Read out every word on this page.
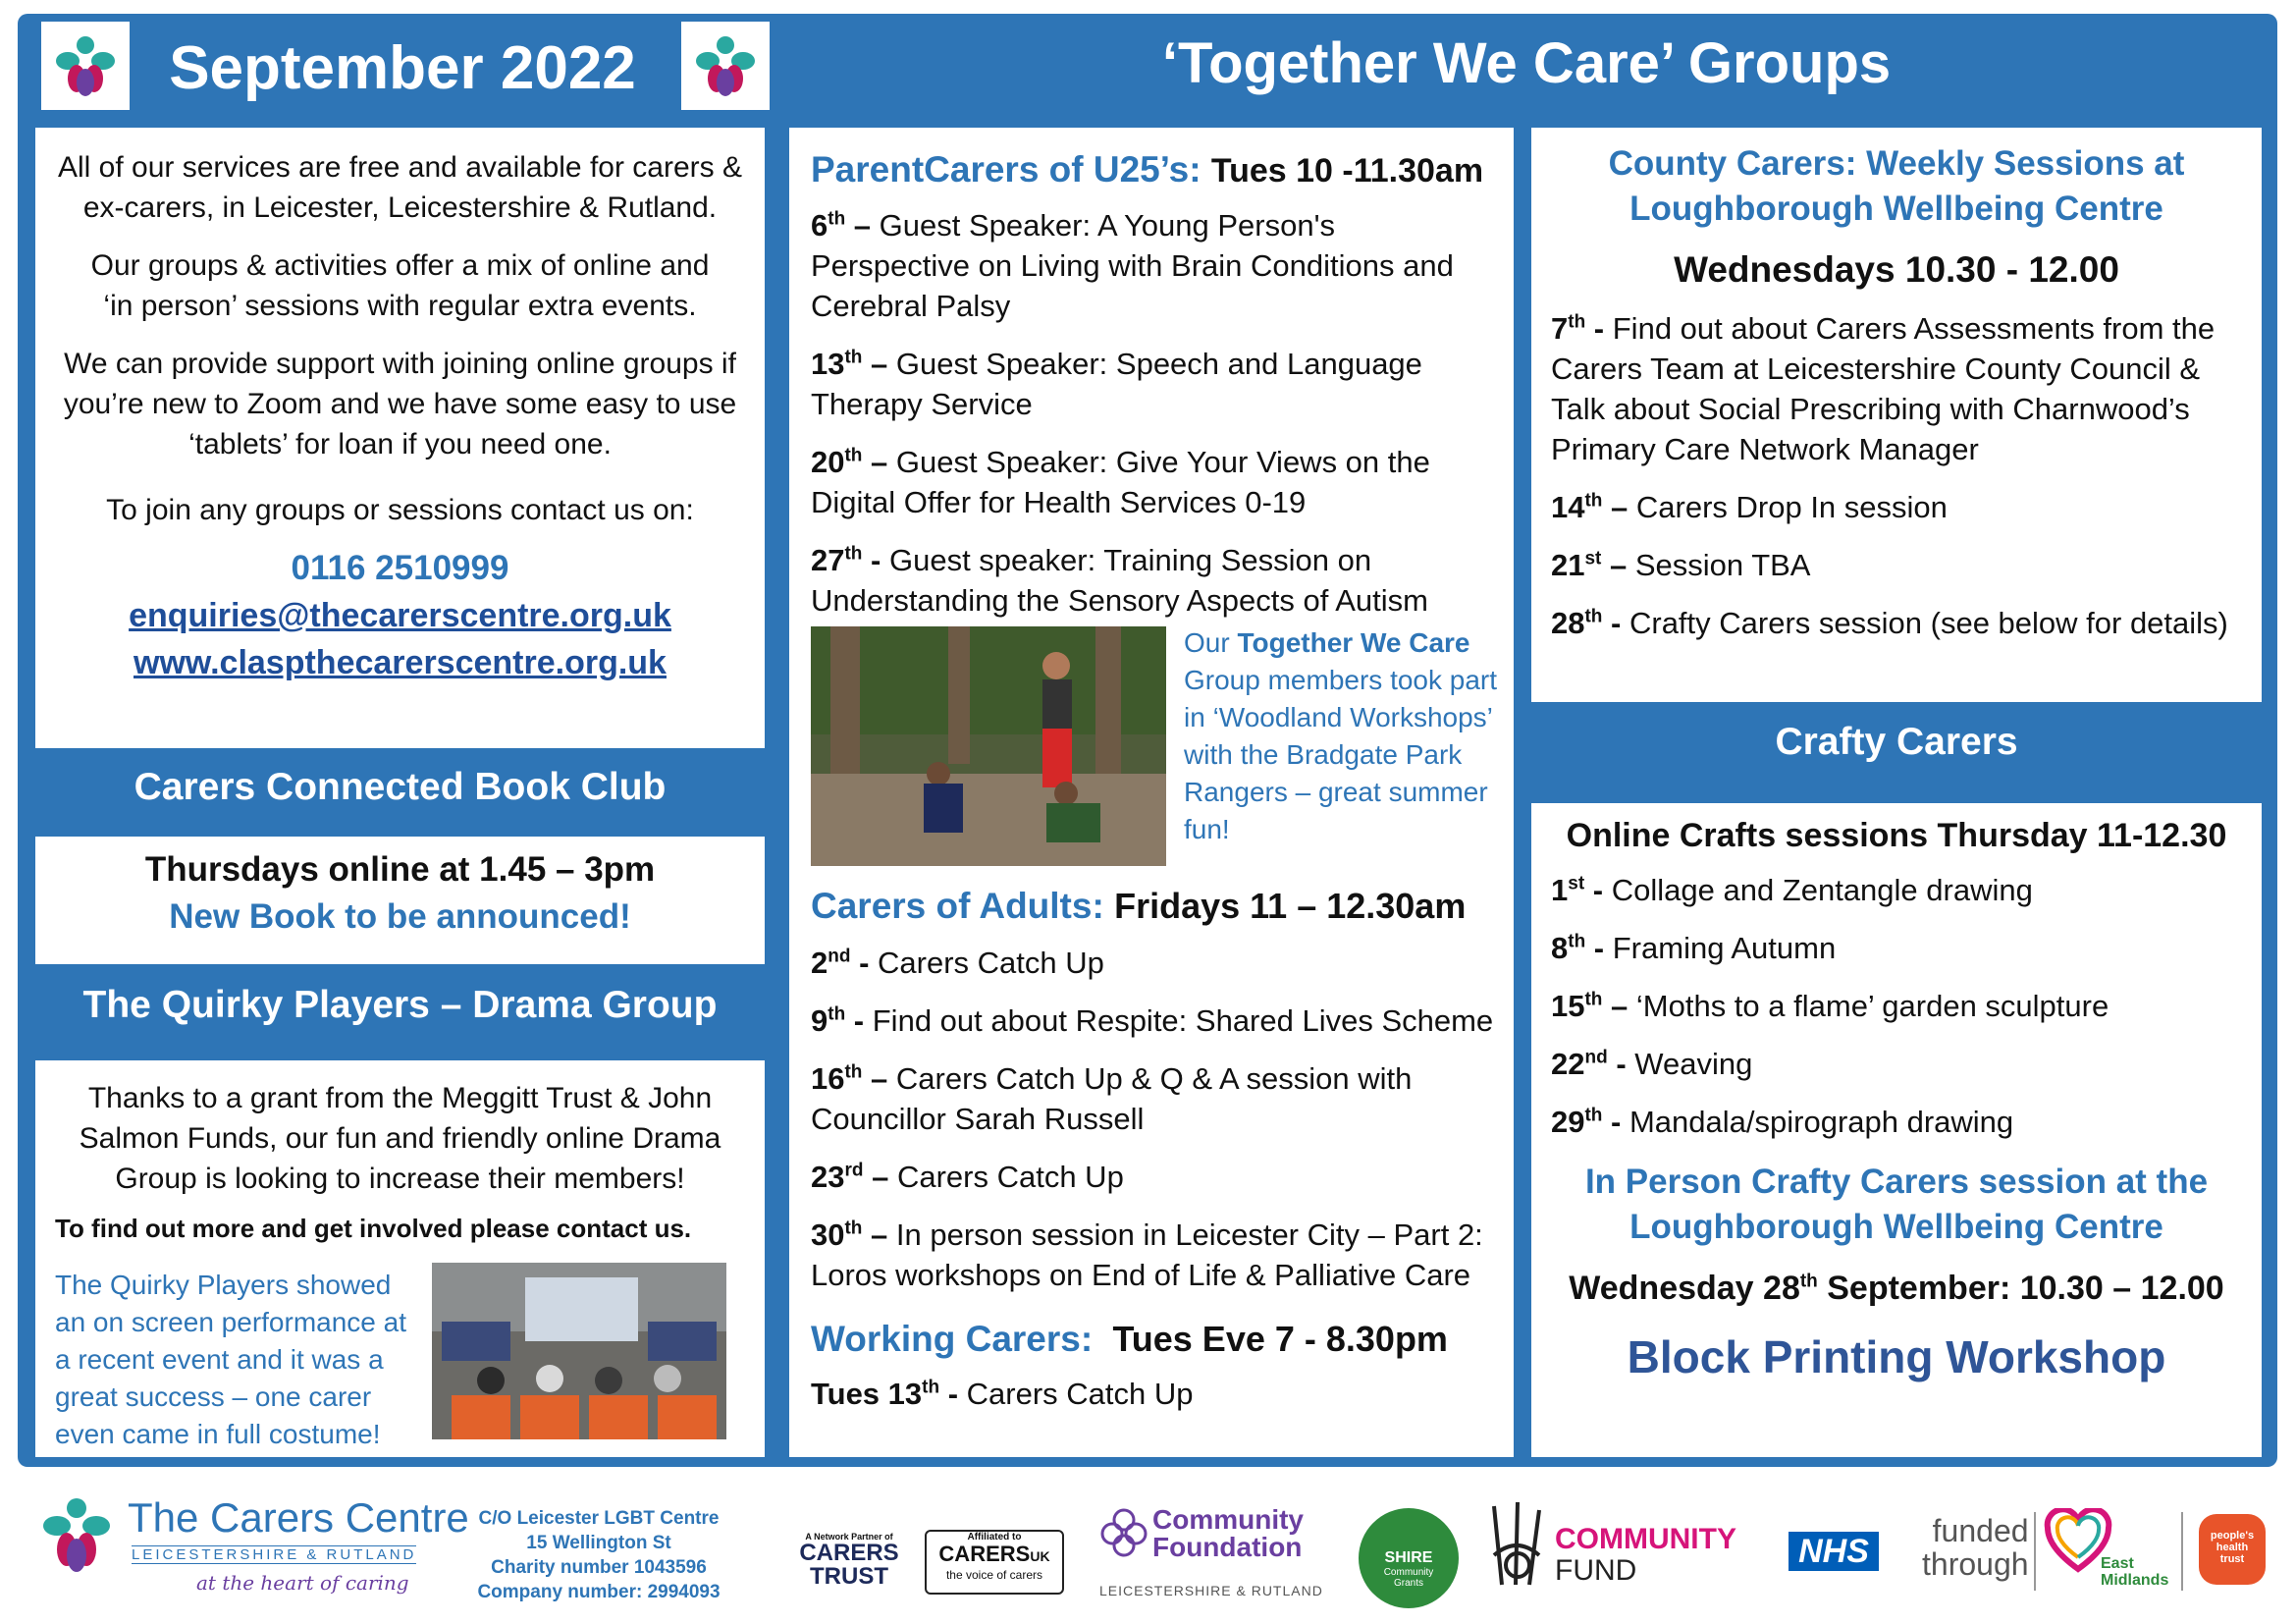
September 2022	‘Together We Care’ Groups

All of our services are free and available for carers & ex-carers, in Leicester, Leicestershire & Rutland.

Our groups & activities offer a mix of online and ‘in person’ sessions with regular extra events.

We can provide support with joining online groups if you’re new to Zoom and we have some easy to use ‘tablets’ for loan if you need one.

To join any groups or sessions contact us on:

0116 2510999

enquiries@thecarerscentre.org.uk

www.claspthecarerscentre.org.uk

Carers Connected Book Club

Thursdays online at 1.45 – 3pm

New Book to be announced!

The Quirky Players – Drama Group

Thanks to a grant from the Meggitt Trust & John Salmon Funds, our fun and friendly online Drama Group is looking to increase their members!

To find out more and get involved please contact us.

The Quirky Players showed an on screen performance at a recent event and it was a great success – one carer even came in full costume!

ParentCarers of U25’s: Tues 10 -11.30am

6th – Guest Speaker: A Young Person's Perspective on Living with Brain Conditions and Cerebral Palsy

13th – Guest Speaker: Speech and Language Therapy Service

20th – Guest Speaker: Give Your Views on the Digital Offer for Health Services 0-19

27th - Guest speaker: Training Session on Understanding the Sensory Aspects of Autism

Our Together We Care Group members took part in ‘Woodland Workshops’ with the Bradgate Park Rangers – great summer fun!

Carers of Adults: Fridays 11 – 12.30am

2nd - Carers Catch Up

9th - Find out about Respite: Shared Lives Scheme

16th – Carers Catch Up & Q & A session with Councillor Sarah Russell

23rd – Carers Catch Up

30th – In person session in Leicester City – Part 2: Loros workshops on End of Life & Palliative Care

Working Carers: Tues Eve 7 - 8.30pm

Tues 13th - Carers Catch Up

County Carers: Weekly Sessions at

Loughborough Wellbeing Centre

Wednesdays 10.30 - 12.00

7th - Find out about Carers Assessments from the Carers Team at Leicestershire County Council & Talk about Social Prescribing with Charnwood’s Primary Care Network Manager

14th – Carers Drop In session

21st – Session TBA

28th - Crafty Carers session (see below for details)

Crafty Carers

Online Crafts sessions Thursday 11-12.30

1st - Collage and Zentangle drawing

8th - Framing Autumn

15th – ‘Moths to a flame’ garden sculpture

22nd - Weaving

29th - Mandala/spirograph drawing

In Person Crafty Carers session at the

Loughborough Wellbeing Centre

Wednesday 28th September: 10.30 – 12.00

Block Printing Workshop

The Carers Centre
LEICESTERSHIRE & RUTLAND
at the heart of caring
C/O Leicester LGBT Centre
15 Wellington St
Charity number 1043596
Company number: 2994093
A Network Partner of
CARERS
TRUST
Affiliated to
CARERSUK
the voice of carers
Community
Foundation
LEICESTERSHIRE & RUTLAND
SHIRE
Community
Grants
COMMUNITY
FUND
NHS
funded
through	East
Midlands
people's
health
trust
